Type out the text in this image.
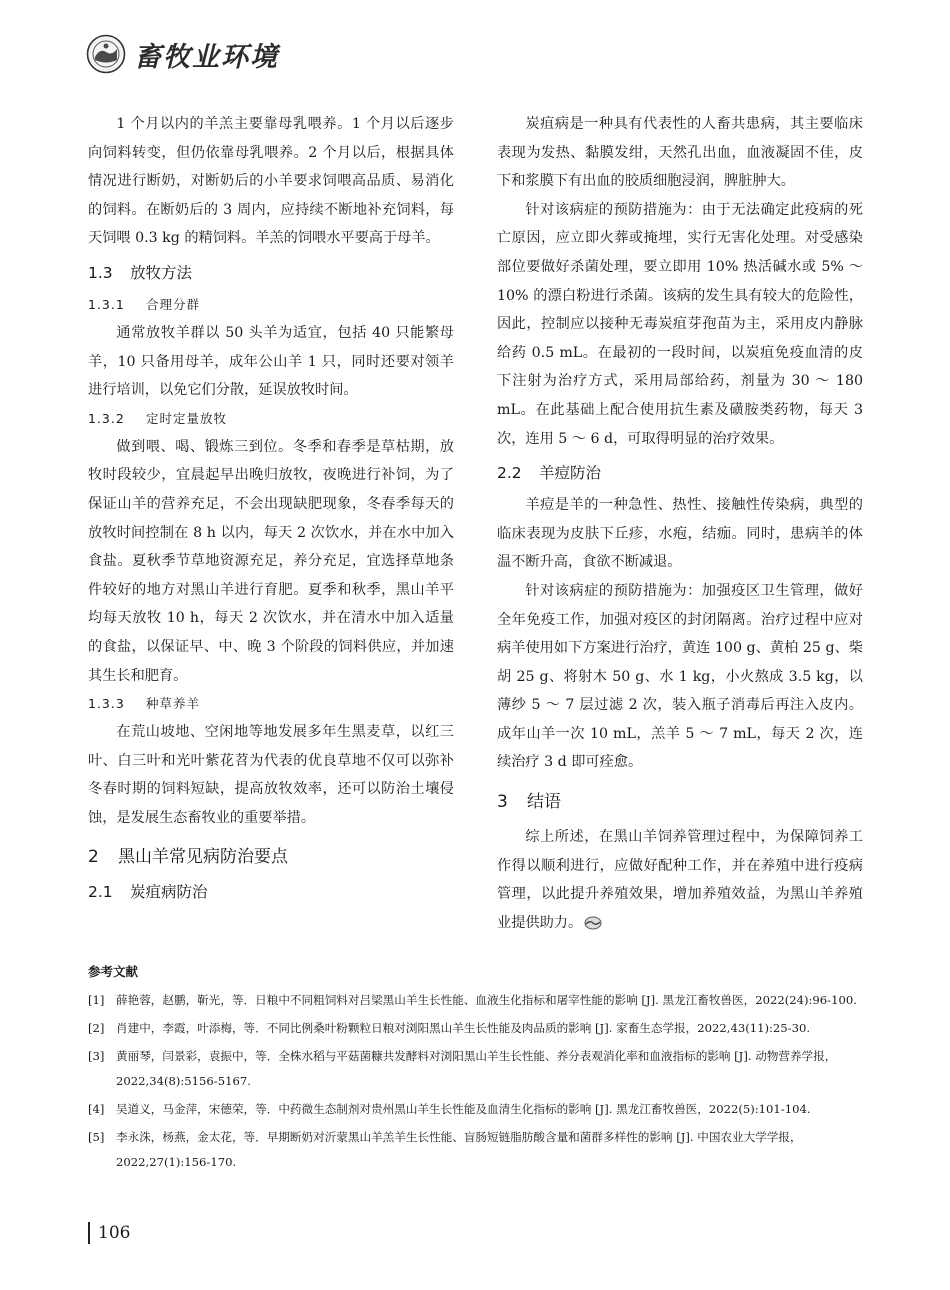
畜牧业环境

1 个月以内的羊羔主要靠母乳喂养。1 个月以后逐步向饲料转变，但仍依靠母乳喂养。2 个月以后，根据具体情况进行断奶，对断奶后的小羊要求饲喂高品质、易消化的饲料。在断奶后的 3 周内，应持续不断地补充饲料，每天饲喂 0.3 kg 的精饲料。羊羔的饲喂水平要高于母羊。

1.3 放牧方法
1.3.1 合理分群

通常放牧羊群以 50 头羊为适宜，包括 40 只能繁母羊，10 只备用母羊，成年公山羊 1 只，同时还要对领羊进行培训，以免它们分散，延误放牧时间。

1.3.2 定时定量放牧

做到喂、喝、锻炼三到位。冬季和春季是草枯期，放牧时段较少，宜晨起早出晚归放牧，夜晚进行补饲，为了保证山羊的营养充足，不会出现缺肥现象，冬春季每天的放牧时间控制在 8 h 以内，每天 2 次饮水，并在水中加入食盐。夏秋季节草地资源充足，养分充足，宜选择草地条件较好的地方对黑山羊进行育肥。夏季和秋季，黑山羊平均每天放牧 10 h，每天 2 次饮水，并在清水中加入适量的食盐，以保证早、中、晚 3 个阶段的饲料供应，并加速其生长和肥育。

1.3.3 种草养羊

在荒山坡地、空闲地等地发展多年生黑麦草，以红三叶、白三叶和光叶紫花苕为代表的优良草地不仅可以弥补冬春时期的饲料短缺，提高放牧效率，还可以防治土壤侵蚀，是发展生态畜牧业的重要举措。

2 黑山羊常见病防治要点
2.1 炭疽病防治

炭疽病是一种具有代表性的人畜共患病，其主要临床表现为发热、黏膜发绀，天然孔出血，血液凝固不佳，皮下和浆膜下有出血的胶质细胞浸润，脾脏肿大。

针对该病症的预防措施为：由于无法确定此疫病的死亡原因，应立即火葬或掩埋，实行无害化处理。对受感染部位要做好杀菌处理，要立即用 10% 热活碱水或 5% ～ 10% 的漂白粉进行杀菌。该病的发生具有较大的危险性，因此，控制应以接种无毒炭疽芽孢苗为主，采用皮内静脉给药 0.5 mL。在最初的一段时间，以炭疽免疫血清的皮下注射为治疗方式，采用局部给药，剂量为 30 ～ 180 mL。在此基础上配合使用抗生素及磺胺类药物，每天 3 次，连用 5 ～ 6 d，可取得明显的治疗效果。

2.2 羊痘防治

羊痘是羊的一种急性、热性、接触性传染病，典型的临床表现为皮肤下丘疹，水疱，结痂。同时，患病羊的体温不断升高，食欲不断减退。

针对该病症的预防措施为：加强疫区卫生管理，做好全年免疫工作，加强对疫区的封闭隔离。治疗过程中应对病羊使用如下方案进行治疗，黄连 100 g、黄柏 25 g、柴胡 25 g、将射木 50 g、水 1 kg，小火熬成 3.5 kg，以薄纱 5 ～ 7 层过滤 2 次，装入瓶子消毒后再注入皮内。成年山羊一次 10 mL，羔羊 5 ～ 7 mL，每天 2 次，连续治疗 3 d 即可痊愈。

3 结语

综上所述，在黑山羊饲养管理过程中，为保障饲养工作得以顺利进行，应做好配种工作，并在养殖中进行疫病管理，以此提升养殖效果，增加养殖效益，为黑山羊养殖业提供助力。

参考文献
[1] 薛艳蓉，赵鹏，靳光，等．日粮中不同粗饲料对吕梁黑山羊生长性能、血液生化指标和屠宰性能的影响 [J]. 黑龙江畜牧兽医，2022(24):96-100.
[2] 肖建中，李霞，叶添梅，等．不同比例桑叶粉颗粒日粮对浏阳黑山羊生长性能及肉品质的影响 [J]. 家畜生态学报，2022,43(11):25-30.
[3] 黄丽琴，闫景彩，袁振中，等．全株水稻与平菇菌糠共发酵料对浏阳黑山羊生长性能、养分表观消化率和血液指标的影响 [J]. 动物营养学报，2022,34(8):5156-5167.
[4] 吴道义，马金萍，宋德荣，等．中药微生态制剂对贵州黑山羊生长性能及血清生化指标的影响 [J]. 黑龙江畜牧兽医，2022(5):101-104.
[5] 李永洙，杨燕，金太花，等．早期断奶对沂蒙黑山羊羔羊生长性能、盲肠短链脂肪酸含量和菌群多样性的影响 [J]. 中国农业大学学报，2022,27(1):156-170.
106
